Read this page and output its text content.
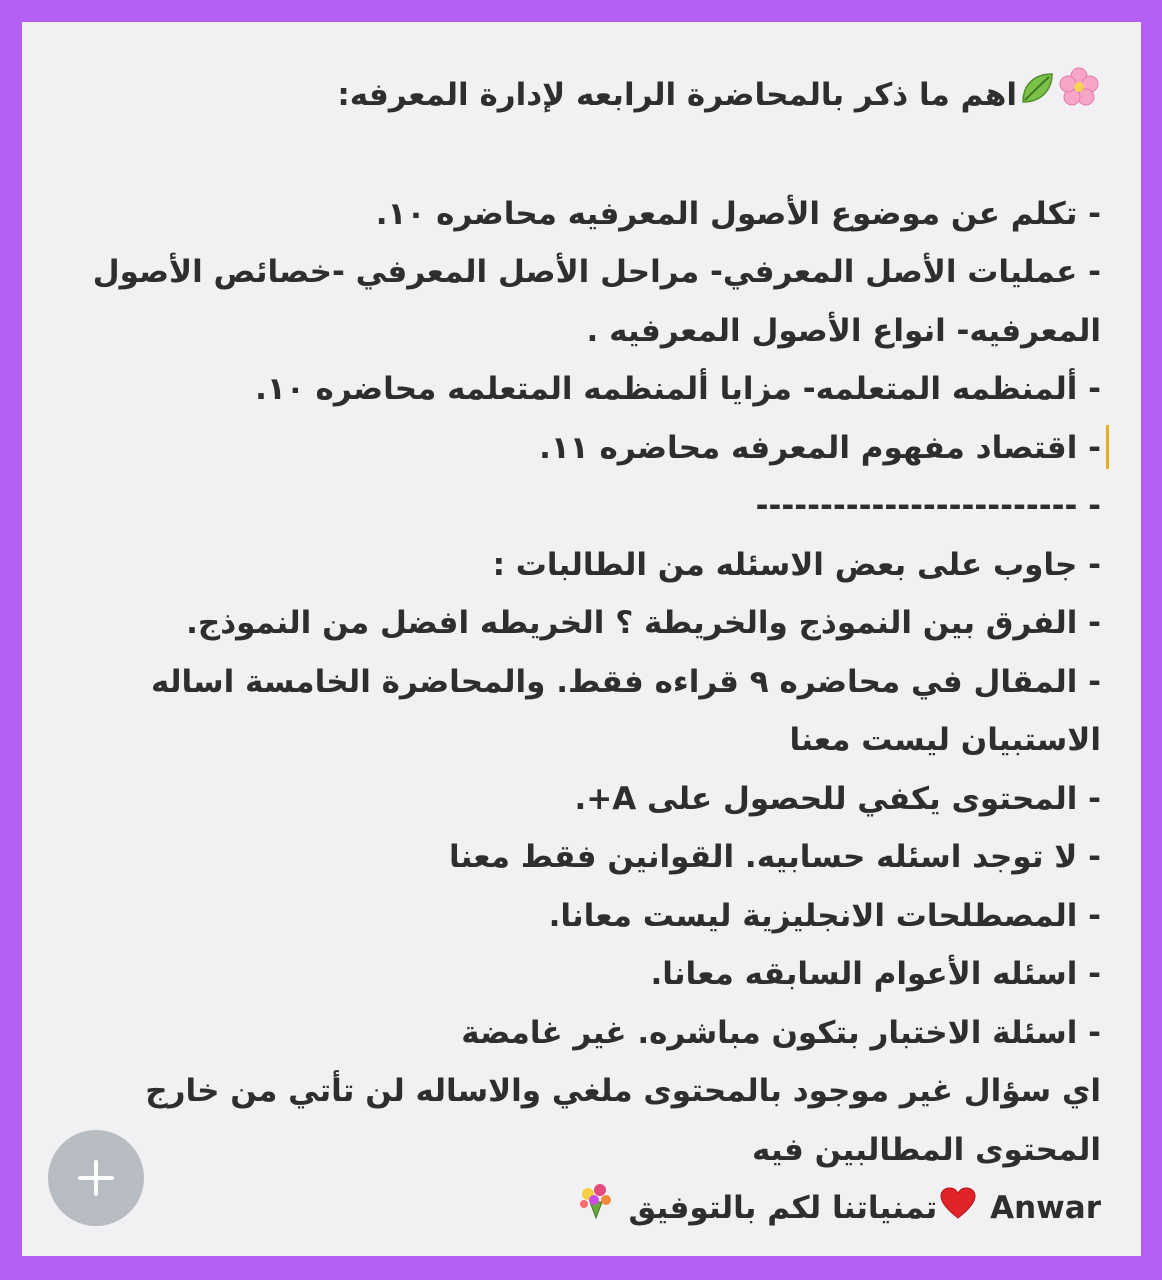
اهم ما ذكر بالمحاضرة الرابعه لإدارة المعرفه:
- تكلم عن موضوع الأصول المعرفيه محاضره ١٠.
- عمليات الأصل المعرفي- مراحل الأصل المعرفي -خصائص الأصول
المعرفيه- انواع الأصول المعرفيه .
- ألمنظمه المتعلمه- مزايا ألمنظمه المتعلمه محاضره ١٠.
- اقتصاد مفهوم المعرفه محاضره ١١.
- -------------------------
- جاوب على بعض الاسئله من الطالبات :
- الفرق بين النموذج والخريطة ؟ الخريطه افضل من النموذج.
- المقال في محاضره ٩ قراءه فقط. والمحاضرة الخامسة اساله
الاستبيان ليست معنا
- المحتوى يكفي للحصول على A+.
- لا توجد اسئله حسابيه. القوانين فقط معنا
- المصطلحات الانجليزية ليست معانا.
- اسئله الأعوام السابقه معانا.
- اسئلة الاختبار بتكون مباشره. غير غامضة
اي سؤال غير موجود بالمحتوى ملغي والاساله لن تأتي من خارج
المحتوى المطالبين فيه
Anwar تمنياتنا لكم بالتوفيق
